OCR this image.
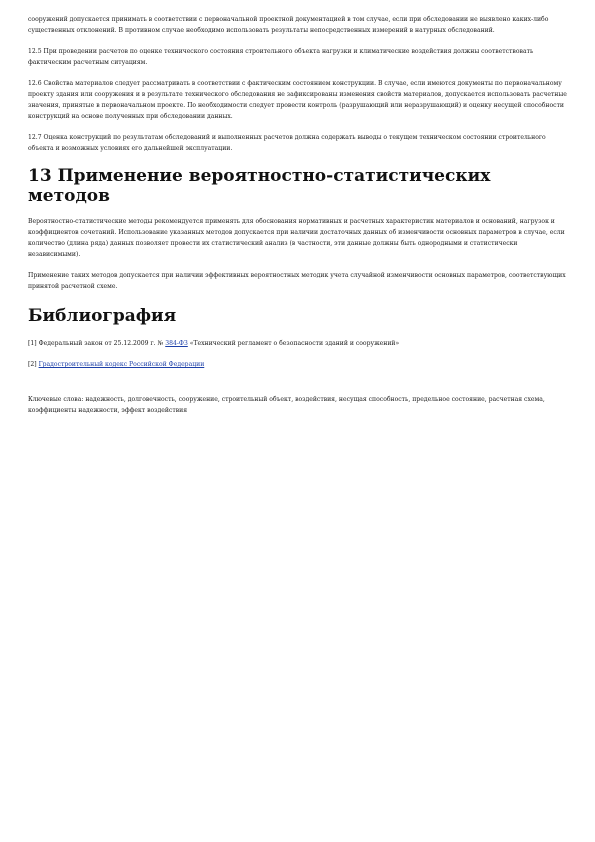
сооружений допускается принимать в соответствии с первоначальной проектной документацией в том случае, если при обследовании не выявлено каких-либо существенных отклонений. В противном случае необходимо использовать результаты непосредственных измерений в натурных обследований.

12.5 При проведении расчетов по оценке технического состояния строительного объекта нагрузки и климатические воздействия должны соответствовать фактическим расчетным ситуациям.

12.6 Свойства материалов следует рассматривать в соответствии с фактическим состоянием конструкции. В случае, если имеются документы по первоначальному проекту здания или сооружения и в результате технического обследования не зафиксированы изменения свойств материалов, допускается использовать расчетные значения, принятые в первоначальном проекте. По необходимости следует провести контроль (разрушающий или неразрушающий) и оценку несущей способности конструкций на основе полученных при обследовании данных.

12.7 Оценка конструкций по результатам обследований и выполненных расчетов должна содержать выводы о текущем техническом состоянии строительного объекта и возможных условиях его дальнейшей эксплуатации.

13 Применение вероятностно-статистических методов

Вероятностно-статистические методы рекомендуется применять для обоснования нормативных и расчетных характеристик материалов и оснований, нагрузок и коэффициентов сочетаний. Использование указанных методов допускается при наличии достаточных данных об изменчивости основных параметров в случае, если количество (длина ряда) данных позволяет провести их статистический анализ (в частности, эти данные должны быть однородными и статистически независимыми).

Применение таких методов допускается при наличии эффективных вероятностных методик учета случайной изменчивости основных параметров, соответствующих принятой расчетной схеме.

Библиография

[1] Федеральный закон от 25.12.2009 г. № 384-ФЗ «Технический регламент о безопасности зданий и сооружений»

[2] Градостроительный кодекс Российской Федерации

Ключевые слова: надежность, долговечность, сооружение, строительный объект, воздействия, несущая способность, предельное состояние, расчетная схема, коэффициенты надежности, эффект воздействия
